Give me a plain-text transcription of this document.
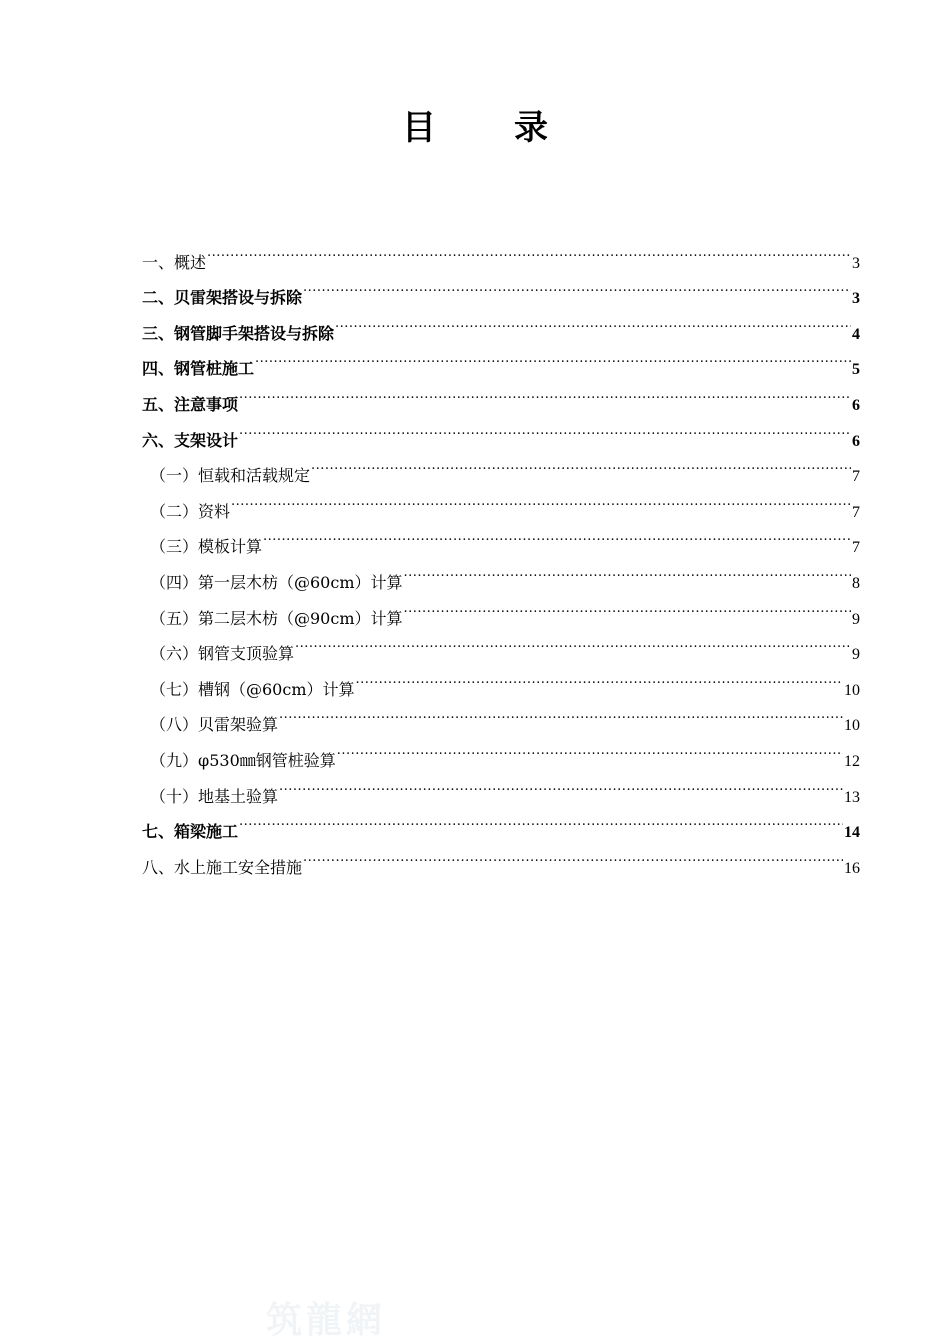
目 录
一、概述 .....	3
二、贝雷架搭设与拆除 .....	3
三、钢管脚手架搭设与拆除 .....	4
四、钢管桩施工 .....	5
五、注意事项 .....	6
六、支架设计 .....	6
（一）恒载和活载规定 .....	7
（二）资料 .....	7
（三）模板计算 .....	7
（四）第一层木枋（@60cm）计算 .....	8
（五）第二层木枋（@90cm）计算 .....	9
（六）钢管支顶验算 .....	9
（七）槽钢（@60cm）计算 .....	10
（八）贝雷架验算 .....	10
（九）φ530㎜钢管桩验算 .....	12
（十）地基土验算 .....	13
七、箱梁施工 .....	14
八、水上施工安全措施 .....	16
筑龍網
